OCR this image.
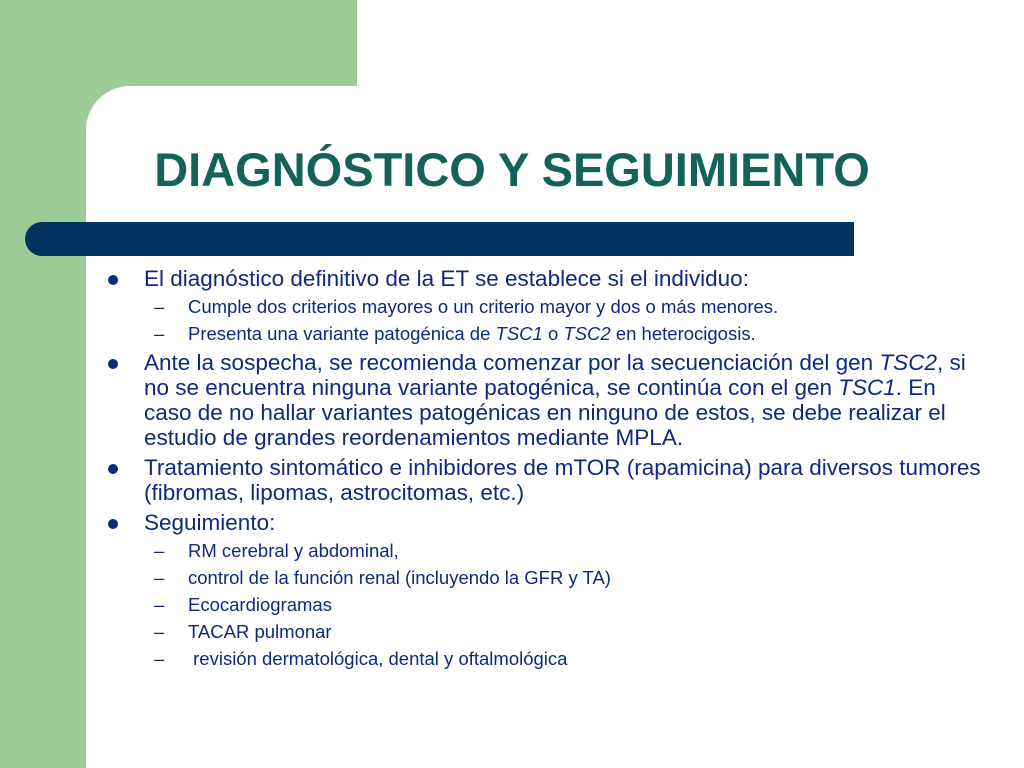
DIAGNÓSTICO Y SEGUIMIENTO
El diagnóstico definitivo de la ET se establece si el individuo:
– Cumple dos criterios mayores o un criterio mayor y dos o más menores.
– Presenta una variante patogénica de TSC1 o TSC2 en heterocigosis.
Ante la sospecha, se recomienda comenzar por la secuenciación del gen TSC2, si no se encuentra ninguna variante patogénica, se continúa con el gen TSC1. En caso de no hallar variantes patogénicas en ninguno de estos, se debe realizar el estudio de grandes reordenamientos mediante MPLA.
Tratamiento sintomático e inhibidores de mTOR (rapamicina) para diversos tumores (fibromas, lipomas, astrocitomas, etc.)
Seguimiento:
– RM cerebral y abdominal,
– control de la función renal (incluyendo la GFR y TA)
– Ecocardiogramas
– TACAR pulmonar
– revisión dermatológica, dental y oftalmológica
